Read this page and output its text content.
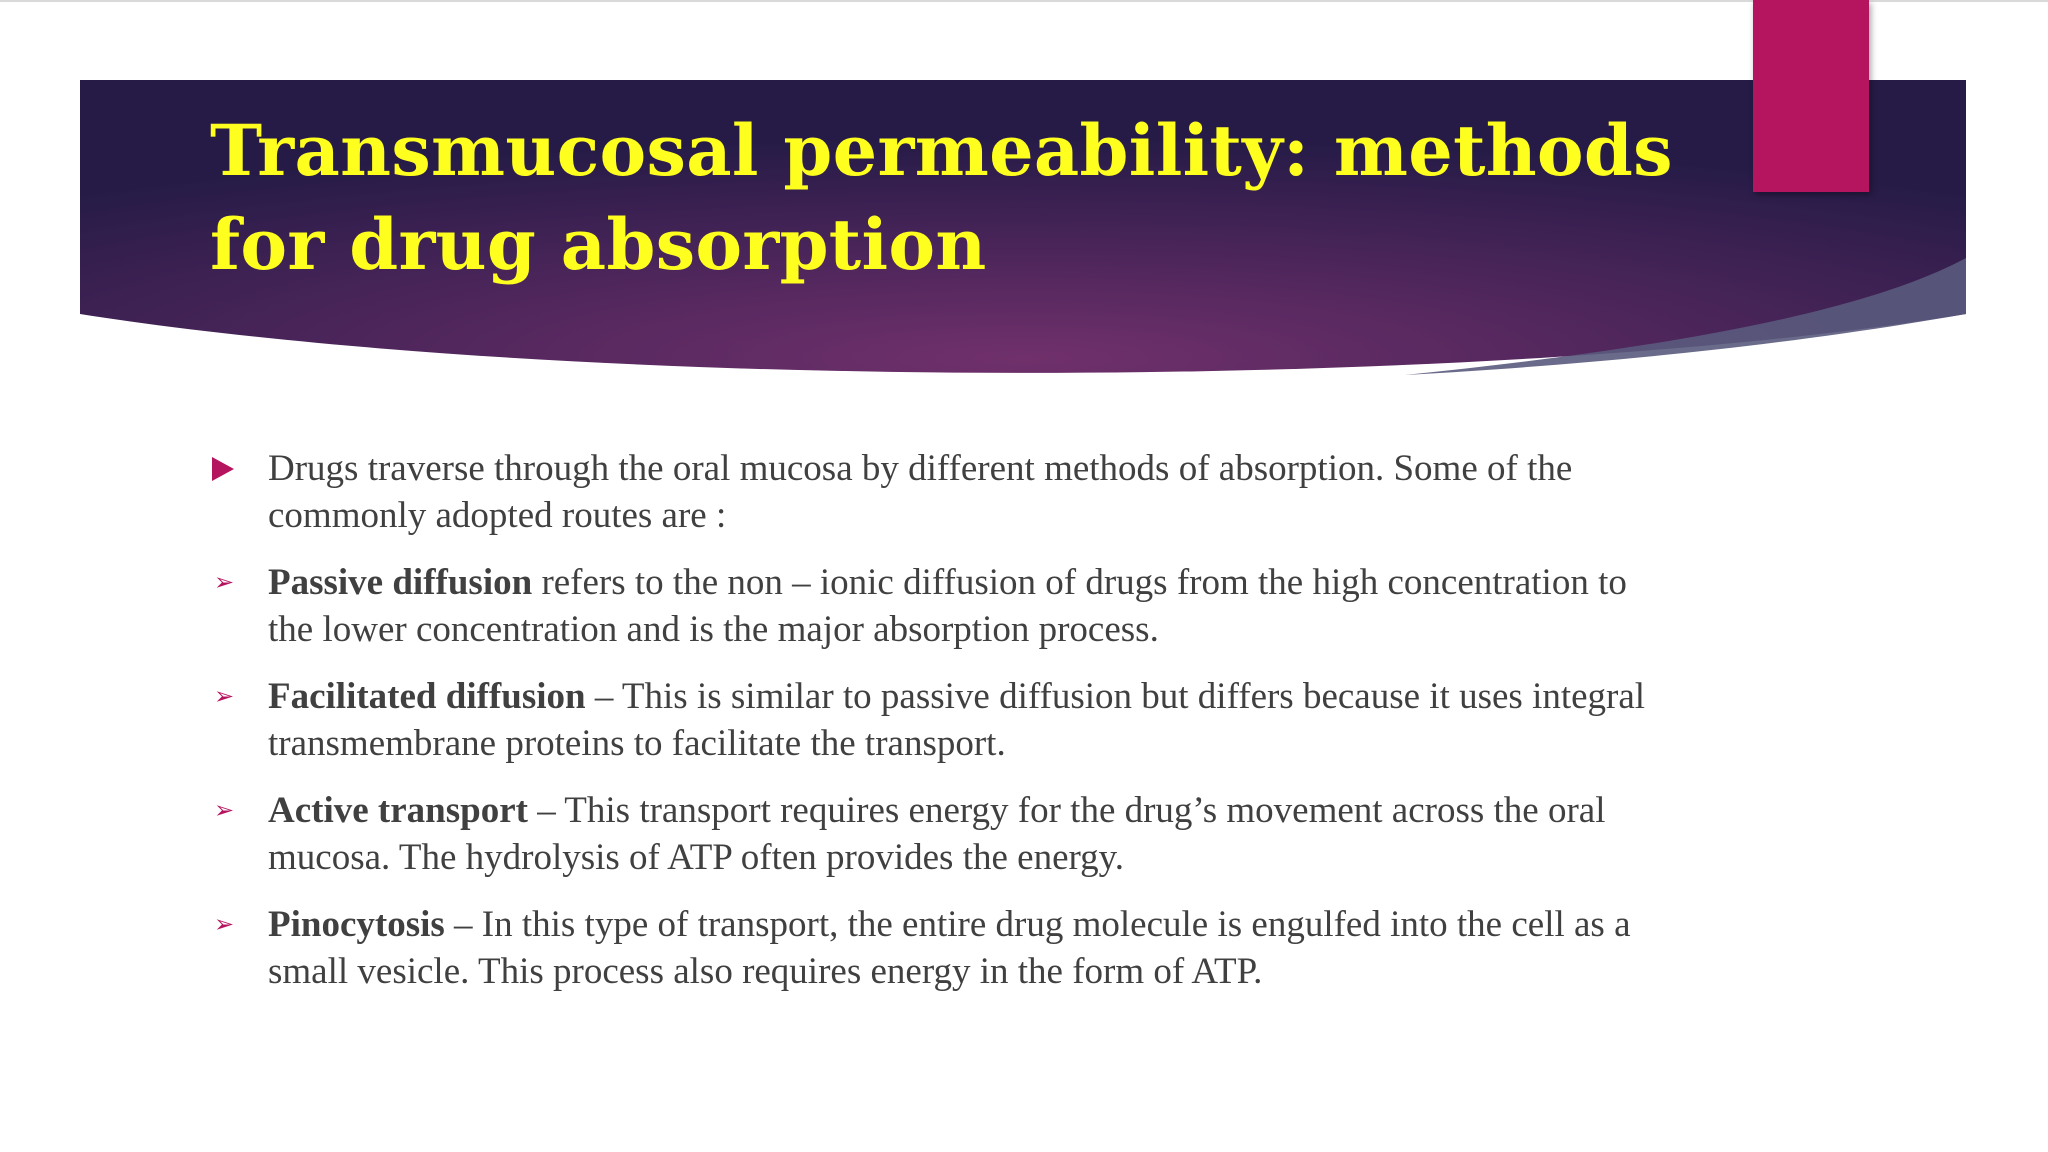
Transmucosal permeability: methods for drug absorption
Drugs traverse through the oral mucosa by different methods of absorption. Some of the commonly adopted routes are :
➢ Passive diffusion refers to the non – ionic diffusion of drugs from the high concentration to the lower concentration and is the major absorption process.
➢ Facilitated diffusion – This is similar to passive diffusion but differs because it uses integral transmembrane proteins to facilitate the transport.
➢ Active transport – This transport requires energy for the drug’s movement across the oral mucosa. The hydrolysis of ATP often provides the energy.
➢ Pinocytosis – In this type of transport, the entire drug molecule is engulfed into the cell as a small vesicle. This process also requires energy in the form of ATP.
